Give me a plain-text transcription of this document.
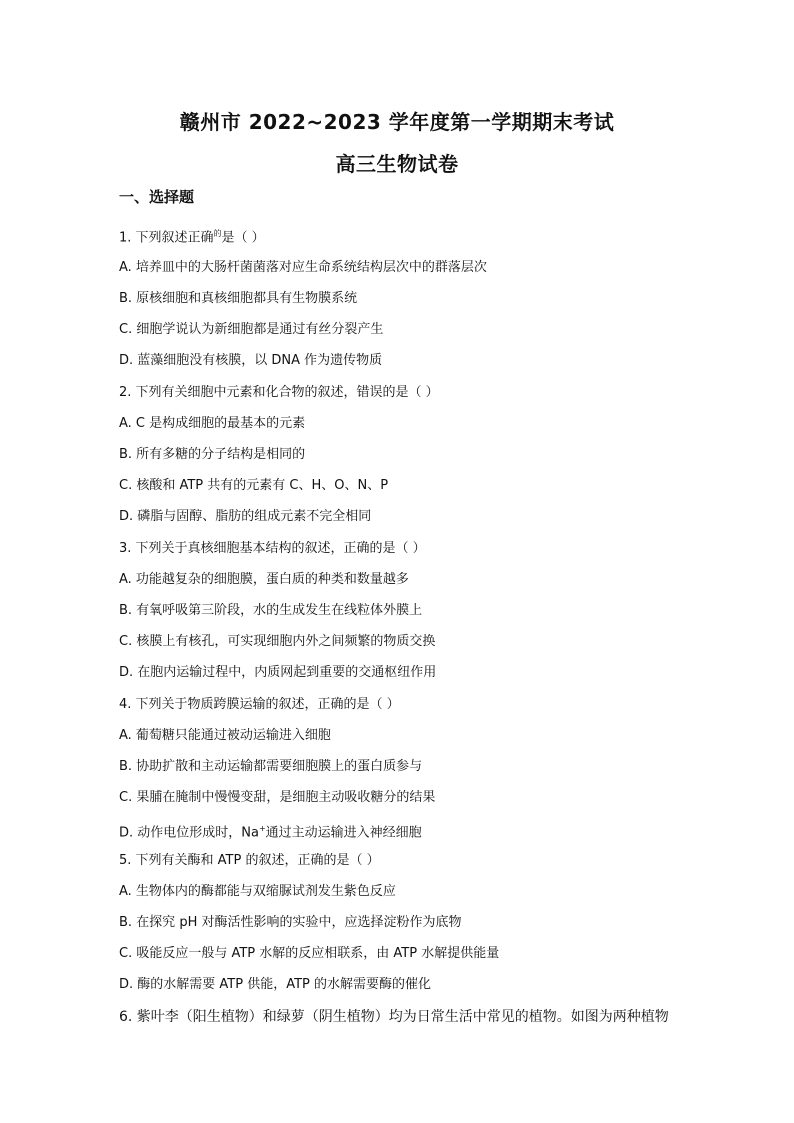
赣州市 2022~2023 学年度第一学期期末考试
高三生物试卷

一、选择题

1. 下列叙述正确$^的$是（ ）

A. 培养皿中的大肠杆菌菌落对应生命系统结构层次中的群落层次

B. 原核细胞和真核细胞都具有生物膜系统

C. 细胞学说认为新细胞都是通过有丝分裂产生

D. 蓝藻细胞没有核膜，以 DNA 作为遗传物质

2. 下列有关细胞中元素和化合物的叙述，错误的是（ ）

A. C 是构成细胞的最基本的元素

B. 所有多糖的分子结构是相同的

C. 核酸和 ATP 共有的元素有 C、H、O、N、P

D. 磷脂与固醇、脂肪的组成元素不完全相同

3. 下列关于真核细胞基本结构的叙述，正确的是（ ）

A. 功能越复杂的细胞膜，蛋白质的种类和数量越多

B. 有氧呼吸第三阶段，水的生成发生在线粒体外膜上

C. 核膜上有核孔，可实现细胞内外之间频繁的物质交换

D. 在胞内运输过程中，内质网起到重要的交通枢纽作用

4. 下列关于物质跨膜运输的叙述，正确的是（ ）

A. 葡萄糖只能通过被动运输进入细胞

B. 协助扩散和主动运输都需要细胞膜上的蛋白质参与

C. 果脯在腌制中慢慢变甜，是细胞主动吸收糖分的结果

D. 动作电位形成时，Na+通过主动运输进入神经细胞

5. 下列有关酶和 ATP 的叙述，正确的是（ ）

A. 生物体内的酶都能与双缩脲试剂发生紫色反应

B. 在探究 pH 对酶活性影响的实验中，应选择淀粉作为底物

C. 吸能反应一般与 ATP 水解的反应相联系，由 ATP 水解提供能量

D. 酶的水解需要 ATP 供能，ATP 的水解需要酶的催化

6. 紫叶李（阳生植物）和绿萝（阴生植物）均为日常生活中常见的植物。如图为两种植物
